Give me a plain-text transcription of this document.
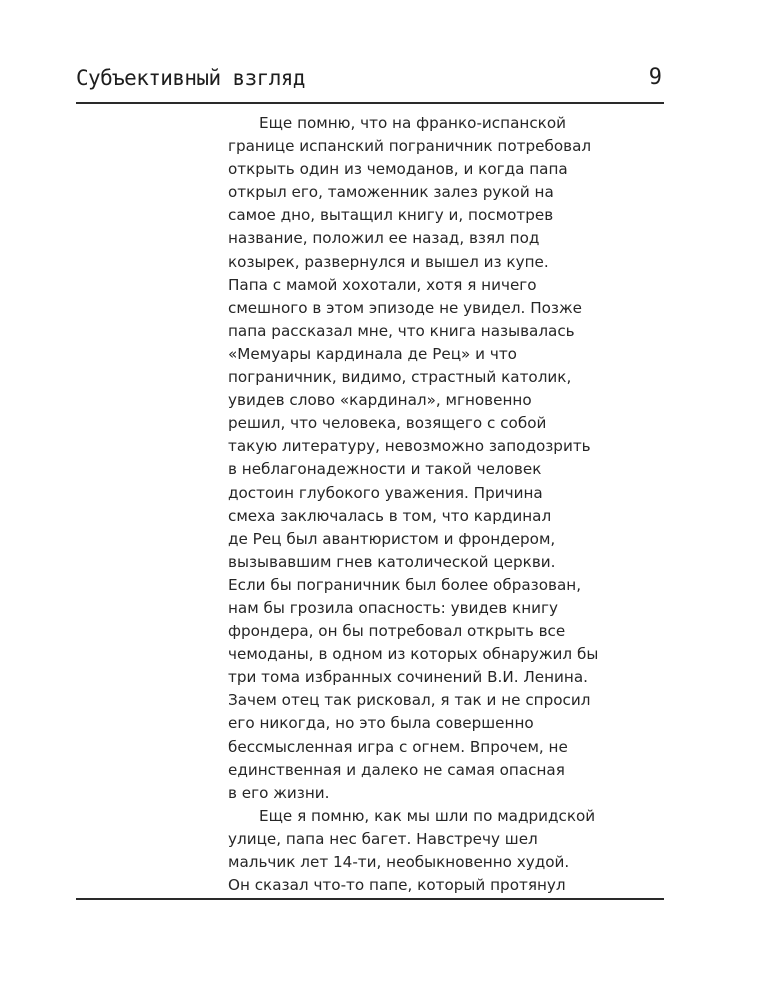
Субъективный взгляд	9
Еще помню, что на франко-испанской
границе испанский пограничник потребовал
открыть один из чемоданов, и когда папа
открыл его, таможенник залез рукой на
самое дно, вытащил книгу и, посмотрев
название, положил ее назад, взял под
козырек, развернулся и вышел из купе.
Папа с мамой хохотали, хотя я ничего
смешного в этом эпизоде не увидел. Позже
папа рассказал мне, что книга называлась
«Мемуары кардинала де Рец» и что
пограничник, видимо, страстный католик,
увидев слово «кардинал», мгновенно
решил, что человека, возящего с собой
такую литературу, невозможно заподозрить
в неблагонадежности и такой человек
достоин глубокого уважения. Причина
смеха заключалась в том, что кардинал
де Рец был авантюристом и фрондером,
вызывавшим гнев католической церкви.
Если бы пограничник был более образован,
нам бы грозила опасность: увидев книгу
фрондера, он бы потребовал открыть все
чемоданы, в одном из которых обнаружил бы
три тома избранных сочинений В.И. Ленина.
Зачем отец так рисковал, я так и не спросил
его никогда, но это была совершенно
бессмысленная игра с огнем. Впрочем, не
единственная и далеко не самая опасная
в его жизни.
Еще я помню, как мы шли по мадридской
улице, папа нес багет. Навстречу шел
мальчик лет 14-ти, необыкновенно худой.
Он сказал что-то папе, который протянул
